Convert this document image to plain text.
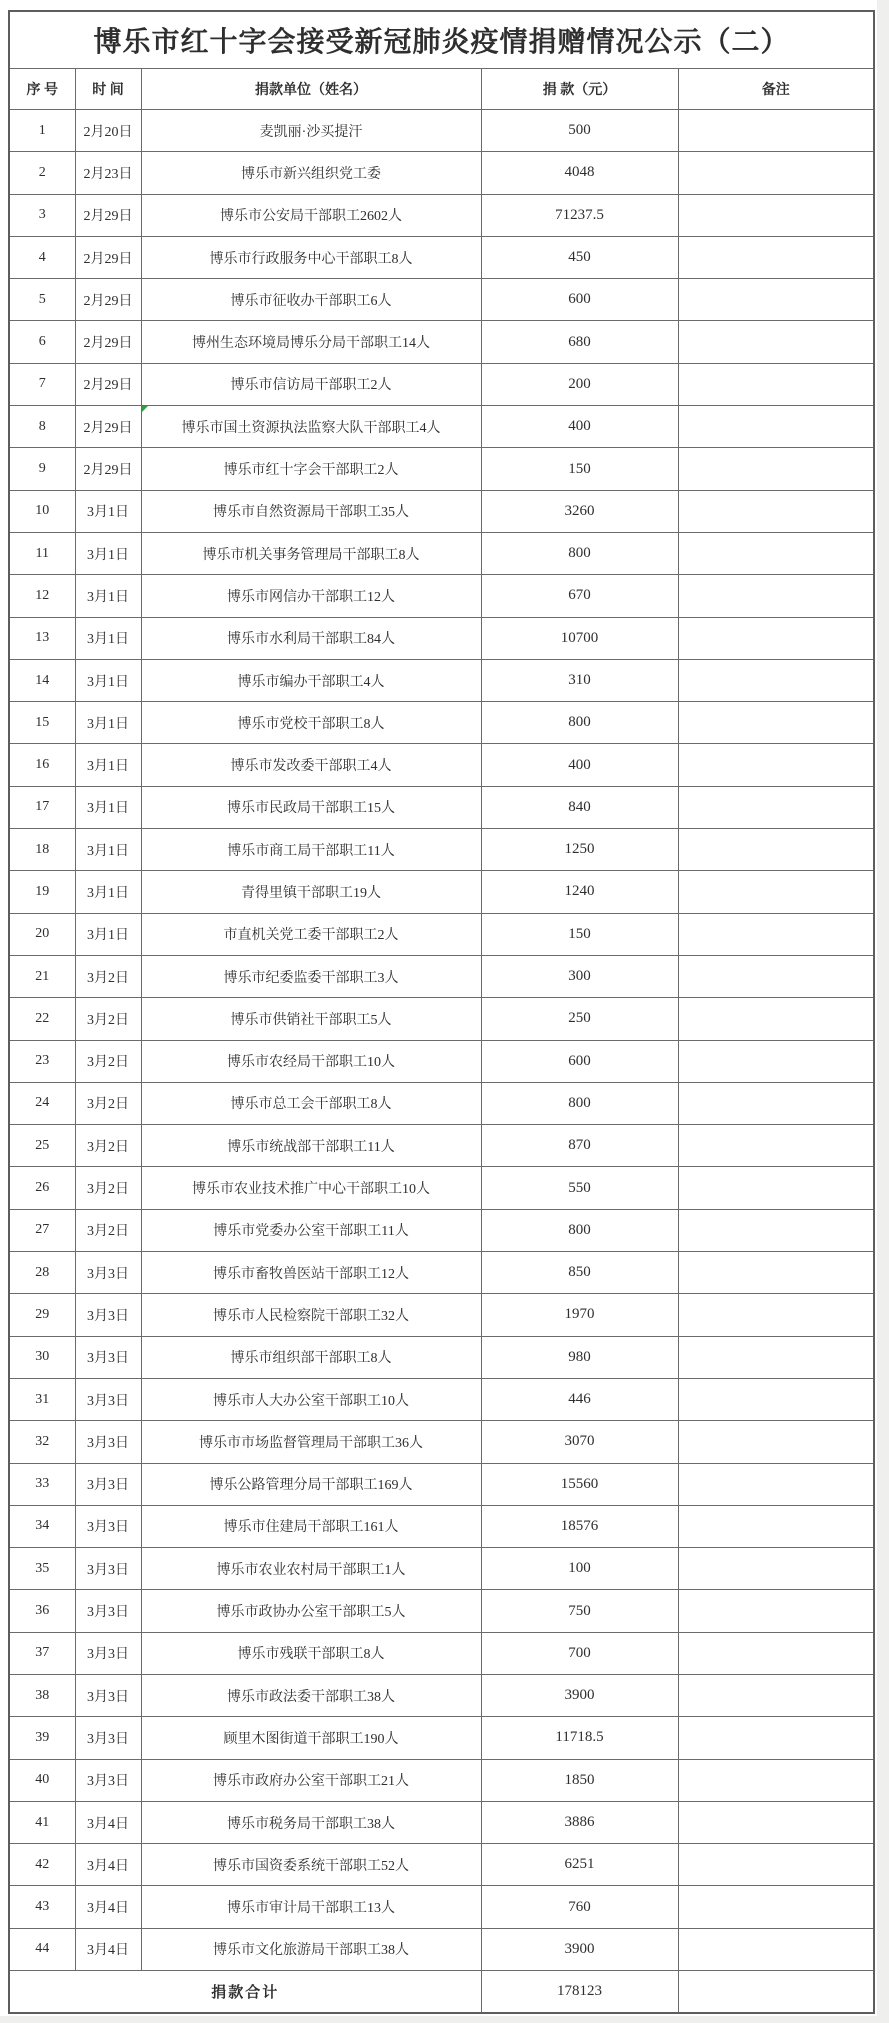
博乐市红十字会接受新冠肺炎疫情捐赠情况公示（二）				
序 号	时 间	捐款单位（姓名）	捐 款（元）	备注
1	2月20日	麦凯丽·沙买提汗	500	
2	2月23日	博乐市新兴组织党工委	4048	
3	2月29日	博乐市公安局干部职工2602人	71237.5	
4	2月29日	博乐市行政服务中心干部职工8人	450	
5	2月29日	博乐市征收办干部职工6人	600	
6	2月29日	博州生态环境局博乐分局干部职工14人	680	
7	2月29日	博乐市信访局干部职工2人	200	
8	2月29日	博乐市国土资源执法监察大队干部职工4人	400	
9	2月29日	博乐市红十字会干部职工2人	150	
10	3月1日	博乐市自然资源局干部职工35人	3260	
11	3月1日	博乐市机关事务管理局干部职工8人	800	
12	3月1日	博乐市网信办干部职工12人	670	
13	3月1日	博乐市水利局干部职工84人	10700	
14	3月1日	博乐市编办干部职工4人	310	
15	3月1日	博乐市党校干部职工8人	800	
16	3月1日	博乐市发改委干部职工4人	400	
17	3月1日	博乐市民政局干部职工15人	840	
18	3月1日	博乐市商工局干部职工11人	1250	
19	3月1日	青得里镇干部职工19人	1240	
20	3月1日	市直机关党工委干部职工2人	150	
21	3月2日	博乐市纪委监委干部职工3人	300	
22	3月2日	博乐市供销社干部职工5人	250	
23	3月2日	博乐市农经局干部职工10人	600	
24	3月2日	博乐市总工会干部职工8人	800	
25	3月2日	博乐市统战部干部职工11人	870	
26	3月2日	博乐市农业技术推广中心干部职工10人	550	
27	3月2日	博乐市党委办公室干部职工11人	800	
28	3月3日	博乐市畜牧兽医站干部职工12人	850	
29	3月3日	博乐市人民检察院干部职工32人	1970	
30	3月3日	博乐市组织部干部职工8人	980	
31	3月3日	博乐市人大办公室干部职工10人	446	
32	3月3日	博乐市市场监督管理局干部职工36人	3070	
33	3月3日	博乐公路管理分局干部职工169人	15560	
34	3月3日	博乐市住建局干部职工161人	18576	
35	3月3日	博乐市农业农村局干部职工1人	100	
36	3月3日	博乐市政协办公室干部职工5人	750	
37	3月3日	博乐市残联干部职工8人	700	
38	3月3日	博乐市政法委干部职工38人	3900	
39	3月3日	顾里木图街道干部职工190人	11718.5	
40	3月3日	博乐市政府办公室干部职工21人	1850	
41	3月4日	博乐市税务局干部职工38人	3886	
42	3月4日	博乐市国资委系统干部职工52人	6251	
43	3月4日	博乐市审计局干部职工13人	760	
44	3月4日	博乐市文化旅游局干部职工38人	3900	
捐款合计			178123	
